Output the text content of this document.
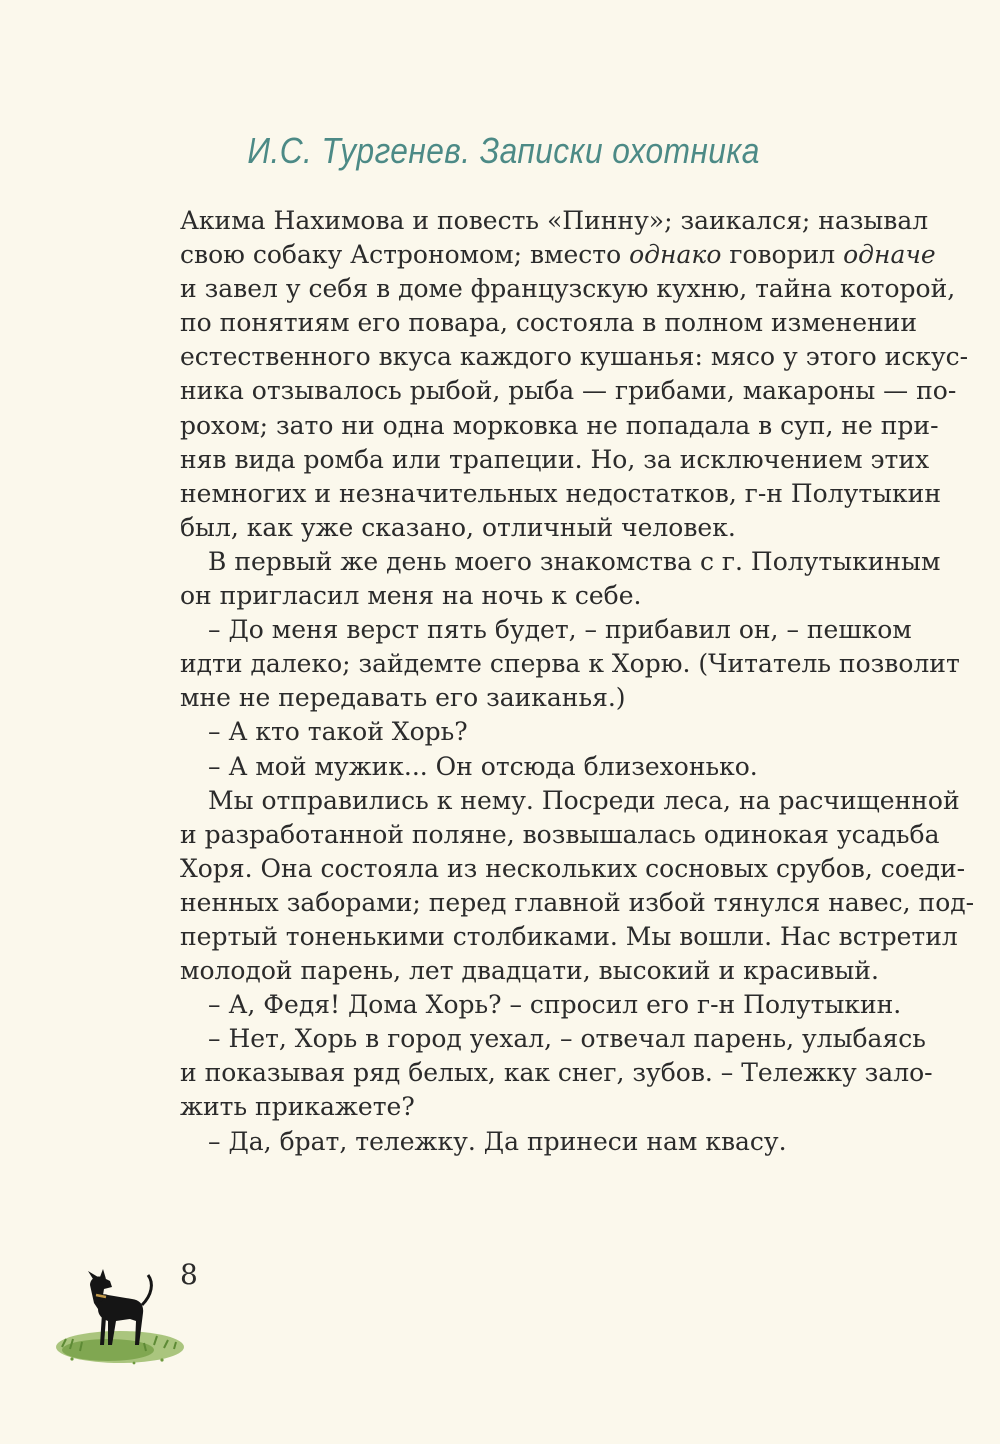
И.С. Тургенев. Записки охотника
Акима Нахимова и повесть «Пинну»; заикался; называл
свою собаку Астрономом; вместо однако говорил одначе
и завел у себя в доме французскую кухню, тайна которой,
по понятиям его повара, состояла в полном изменении
естественного вкуса каждого кушанья: мясо у этого искус-
ника отзывалось рыбой, рыба — грибами, макароны — по-
рохом; зато ни одна морковка не попадала в суп, не при-
няв вида ромба или трапеции. Но, за исключением этих
немногих и незначительных недостатков, г-н Полутыкин
был, как уже сказано, отличный человек.
В первый же день моего знакомства с г. Полутыкиным
он пригласил меня на ночь к себе.
– До меня верст пять будет, – прибавил он, – пешком
идти далеко; зайдемте сперва к Хорю. (Читатель позволит
мне не передавать его заиканья.)
– А кто такой Хорь?
– А мой мужик... Он отсюда близехонько.
Мы отправились к нему. Посреди леса, на расчищенной
и разработанной поляне, возвышалась одинокая усадьба
Хоря. Она состояла из нескольких сосновых срубов, соеди-
ненных заборами; перед главной избой тянулся навес, под-
пертый тоненькими столбиками. Мы вошли. Нас встретил
молодой парень, лет двадцати, высокий и красивый.
– А, Федя! Дома Хорь? – спросил его г-н Полутыкин.
– Нет, Хорь в город уехал, – отвечал парень, улыбаясь
и показывая ряд белых, как снег, зубов. – Тележку зало-
жить прикажете?
– Да, брат, тележку. Да принеси нам квасу.
8
